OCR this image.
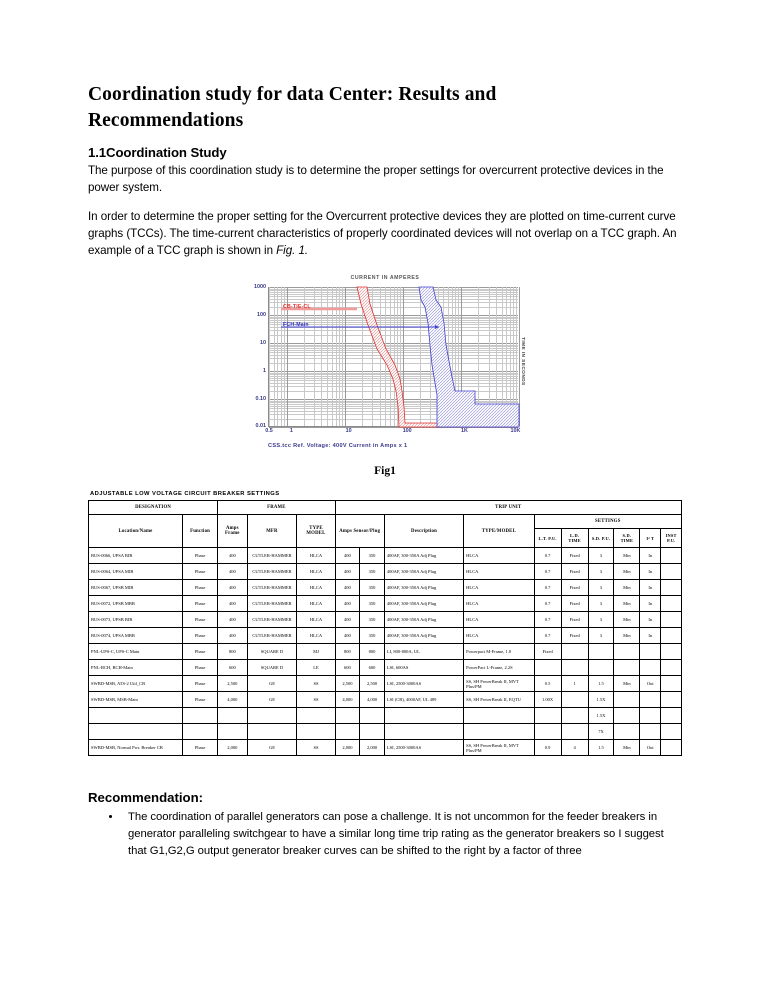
Coordination study for data Center: Results and Recommendations
1.1Coordination Study

The purpose of this coordination study is to determine the proper settings for overcurrent protective devices in the power system.

In order to determine the proper setting for the Overcurrent protective devices they are plotted on time-current curve graphs (TCCs). The time-current characteristics of properly coordinated devices will not overlap on a TCC graph. An example of a TCC graph is shown in Fig. 1.

CURRENT IN AMPERES
CB-TIE-CL
FCH-Main
1000
100
10
1
0.10
0.01
0.5	1	10	100	1K	10K
TIME IN SECONDS
CSS.tcc Ref. Voltage: 400V Current in Amps x 1
Fig1
ADJUSTABLE LOW VOLTAGE CIRCUIT BREAKER SETTINGS
DESIGNATION		FRAME			TRIP UNIT									
Location/Name	Function	Amps Frame	MFR	TYPE MODEL	Amps Sensor/Plug		Description	TYPE/MODEL	SETTINGS					
									L.T. P.U.	L.D. TIME	S.D. P.U.	S.D. TIME	I² T	INST P.U.
BUS-0066, UPSA BIB	Phase	400	CUTLER-HAMMER	HLCA	400	350	400AF, 300-350A Adj Plug	HLCA	0.7	Fixed	3	Min	In	
BUS-0064, UPSA MIB	Phase	400	CUTLER-HAMMER	HLCA	400	350	400AF, 300-350A Adj Plug	HLCA	0.7	Fixed	3	Min	In	
BUS-0067, UPSB MIB	Phase	400	CUTLER-HAMMER	HLCA	400	350	400AF, 300-350A Adj Plug	HLCA	0.7	Fixed	3	Min	In	
BUS-0072, UPSB MBB	Phase	400	CUTLER-HAMMER	HLCA	400	350	400AF, 300-350A Adj Plug	HLCA	0.7	Fixed	3	Min	In	
BUS-0073, UPSB BIB	Phase	400	CUTLER-HAMMER	HLCA	400	350	400AF, 300-350A Adj Plug	HLCA	0.7	Fixed	3	Min	In	
BUS-0074, UPSA MBB	Phase	400	CUTLER-HAMMER	HLCA	400	350	400AF, 300-350A Adj Plug	HLCA	0.7	Fixed	3	Min	In	
PNL-UPS-C, UPS-C Main	Phase	800	SQUARE D	MJ	800	800	LI, 800-800A, UL	Powerpact M-Frame, 1.0	Fixed					
PNL-BCH, BCH-Main	Phase	600	SQUARE D	LE	600	600	LSI, 600AS	PowerPact L-Frame, 2.2S						
SWBD-MSB, ATS-2 Util_CB	Phase	2,500	GE	SS	2,500	2,500	LSI, 2500-3000AS	SS, SH PowerBreak II, MVT Plus/PM	0.5	1	1.5	Min	Out	
SWBD-MSB, MSB-Main	Phase	4,000	GE	SS	4,000	4,000	LSI (CB), 4000AF, UL 489	SS, SH PowerBreak II, EQTU	1.00X		1.5X			
											1.5X			
											7X			
SWBD-MSB, Normal Pwr. Breaker CB	Phase	2,000	GE	SS	2,000	2,000	LSI, 2500-3000AS	SS, SH PowerBreak II, MVT Plus/PM	0.9	4	1.5	Min	Out	
Recommendation:
• The coordination of parallel generators can pose a challenge. It is not uncommon for the feeder breakers in generator paralleling switchgear to have a similar long time trip rating as the generator breakers so I suggest that G1,G2,G output generator breaker curves can be shifted to the right by a factor of three
